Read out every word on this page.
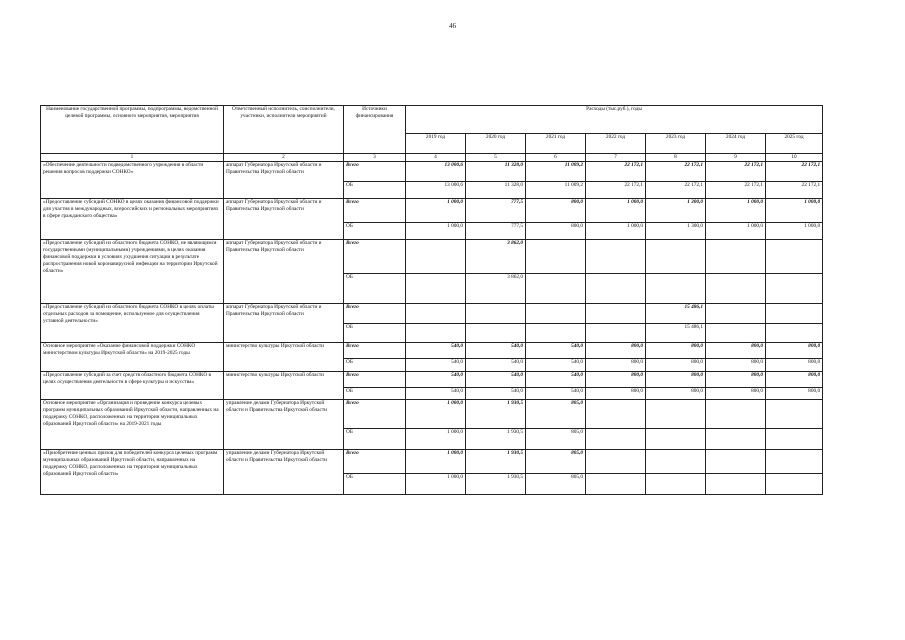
46
Наименование государственной программы, подпрограммы, ведомственной целевой программы, основного мероприятия, мероприятия	Ответственный исполнитель, соисполнители, участники, исполнители мероприятий	Источники финансирования	Расходы (тыс.руб.), годы						
			2019 год	2020 год	2021 год	2022 год	2023 год	2024 год	2025 год
1	2	3	4	5	6	7	8	9	10
«Обеспечение деятельности подведомственного учреждения в области решения вопросов поддержки СОНКО»	аппарат Губернатора Иркутской области и Правительства Иркутской области	Всего	13 000,6	11 328,0	11 009,2	22 172,1	22 172,1	22 172,1	22 172,1
		ОБ	13 000,6	11 328,0	11 009,2	22 172,1	22 172,1	22 172,1	22 172,1
«Предоставление субсидий СОНКО в целях оказания финансовой поддержки для участия в международных, всероссийских и региональных мероприятиях в сфере гражданского общества»	аппарат Губернатора Иркутской области и Правительства Иркутской области	Всего	1 000,0	777,5	800,0	1 000,0	1 300,0	1 000,0	1 000,0
		ОБ	1 000,0	777,5	800,0	1 000,0	1 300,0	1 000,0	1 000,0
«Предоставление субсидий из областного бюджета СОНКО, не являющимся государственными (муниципальными) учреждениями, в целях оказания финансовой поддержки в условиях ухудшения ситуации в результате распространения новой коронавирусной инфекции на территории Иркутской области»	аппарат Губернатора Иркутской области и Правительства Иркутской области	Всего		3 862,0					
		ОБ		3 862,0					
«Предоставление субсидий из областного бюджета СОНКО в целях оплаты отдельных расходов за помещение, используемое для осуществления уставной деятельности»	аппарат Губернатора Иркутской области и Правительства Иркутской области	Всего					15 486,1		
		ОБ					15 486,1		
Основное мероприятие «Оказание финансовой поддержки СОНКО министерством культуры Иркутской области» на 2019-2025 годы	министерство культуры Иркутской области	Всего	540,0	540,0	540,0	800,0	800,0	800,0	800,0
		ОБ	540,0	540,0	540,0	800,0	800,0	800,0	800,0
«Предоставление субсидий за счет средств областного бюджета СОНКО в целях осуществления деятельности в сфере культуры и искусства»	министерство культуры Иркутской области	Всего	540,0	540,0	540,0	800,0	800,0	800,0	800,0
		ОБ	540,0	540,0	540,0	800,0	800,0	800,0	800,0
Основное мероприятие «Организация и проведение конкурса целевых программ муниципальных образований Иркутской области, направленных на поддержку СОНКО, расположенных на территории муниципальных образований Иркутской области» на 2019-2021 годы	управление делами Губернатора Иркутской области и Правительства Иркутской области	Всего	1 000,0	1 930,5	805,0				
		ОБ	1 000,0	1 930,5	805,0				
«Приобретение ценных призов для победителей конкурса целевых программ муниципальных образований Иркутской области, направленных на поддержку СОНКО, расположенных на территории муниципальных образований Иркутской области»	управление делами Губернатора Иркутской области и Правительства Иркутской области	Всего	1 000,0	1 930,5	805,0				
		ОБ	1 000,0	1 930,5	805,0				
